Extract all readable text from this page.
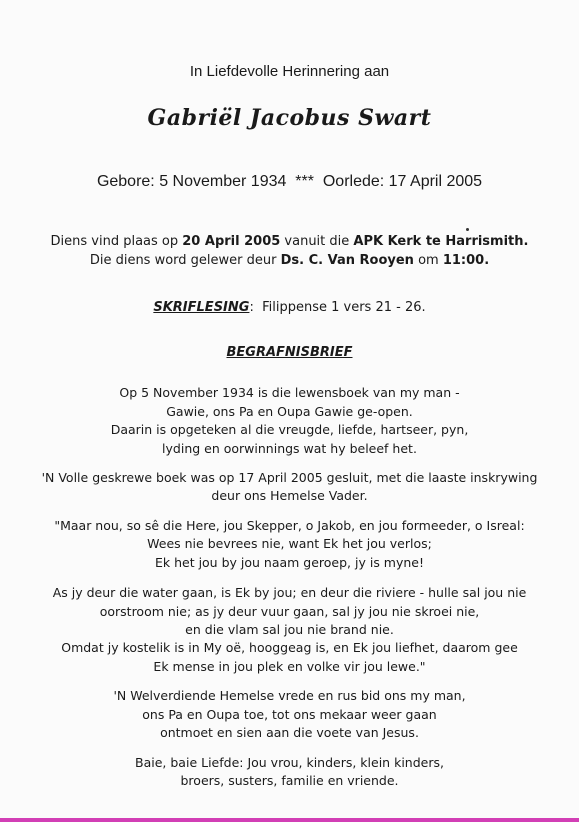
In Liefdevolle Herinnering aan
Gabriël Jacobus Swart
Gebore: 5 November 1934  ***  Oorlede: 17 April 2005
Diens vind plaas op 20 April 2005 vanuit die APK Kerk te Harrismith.
Die diens word gelewer deur Ds. C. Van Rooyen om 11:00.
SKRIFLESING:  Filippense 1 vers 21 - 26.
BEGRAFNISBRIEF
Op 5 November 1934 is die lewensboek van my man -
Gawie, ons Pa en Oupa Gawie ge-open.
Daarin is opgeteken al die vreugde, liefde, hartseer, pyn,
lyding en oorwinnings wat hy beleef het.
'N Volle geskrewe boek was op 17 April 2005 gesluit, met die laaste inskrywing
deur ons Hemelse Vader.
"Maar nou, so sê die Here, jou Skepper, o Jakob, en jou formeeder, o Isreal:
Wees nie bevrees nie, want Ek het jou verlos;
Ek het jou by jou naam geroep, jy is myne!
As jy deur die water gaan, is Ek by jou; en deur die riviere - hulle sal jou nie
oorstroom nie; as jy deur vuur gaan, sal jy jou nie skroei nie,
en die vlam sal jou nie brand nie.
Omdat jy kostelik is in My oë, hooggeag is, en Ek jou liefhet, daarom gee
Ek mense in jou plek en volke vir jou lewe."
'N Welverdiende Hemelse vrede en rus bid ons my man,
ons Pa en Oupa toe, tot ons mekaar weer gaan
ontmoet en sien aan die voete van Jesus.
Baie, baie Liefde: Jou vrou, kinders, klein kinders,
broers, susters, familie en vriende.
